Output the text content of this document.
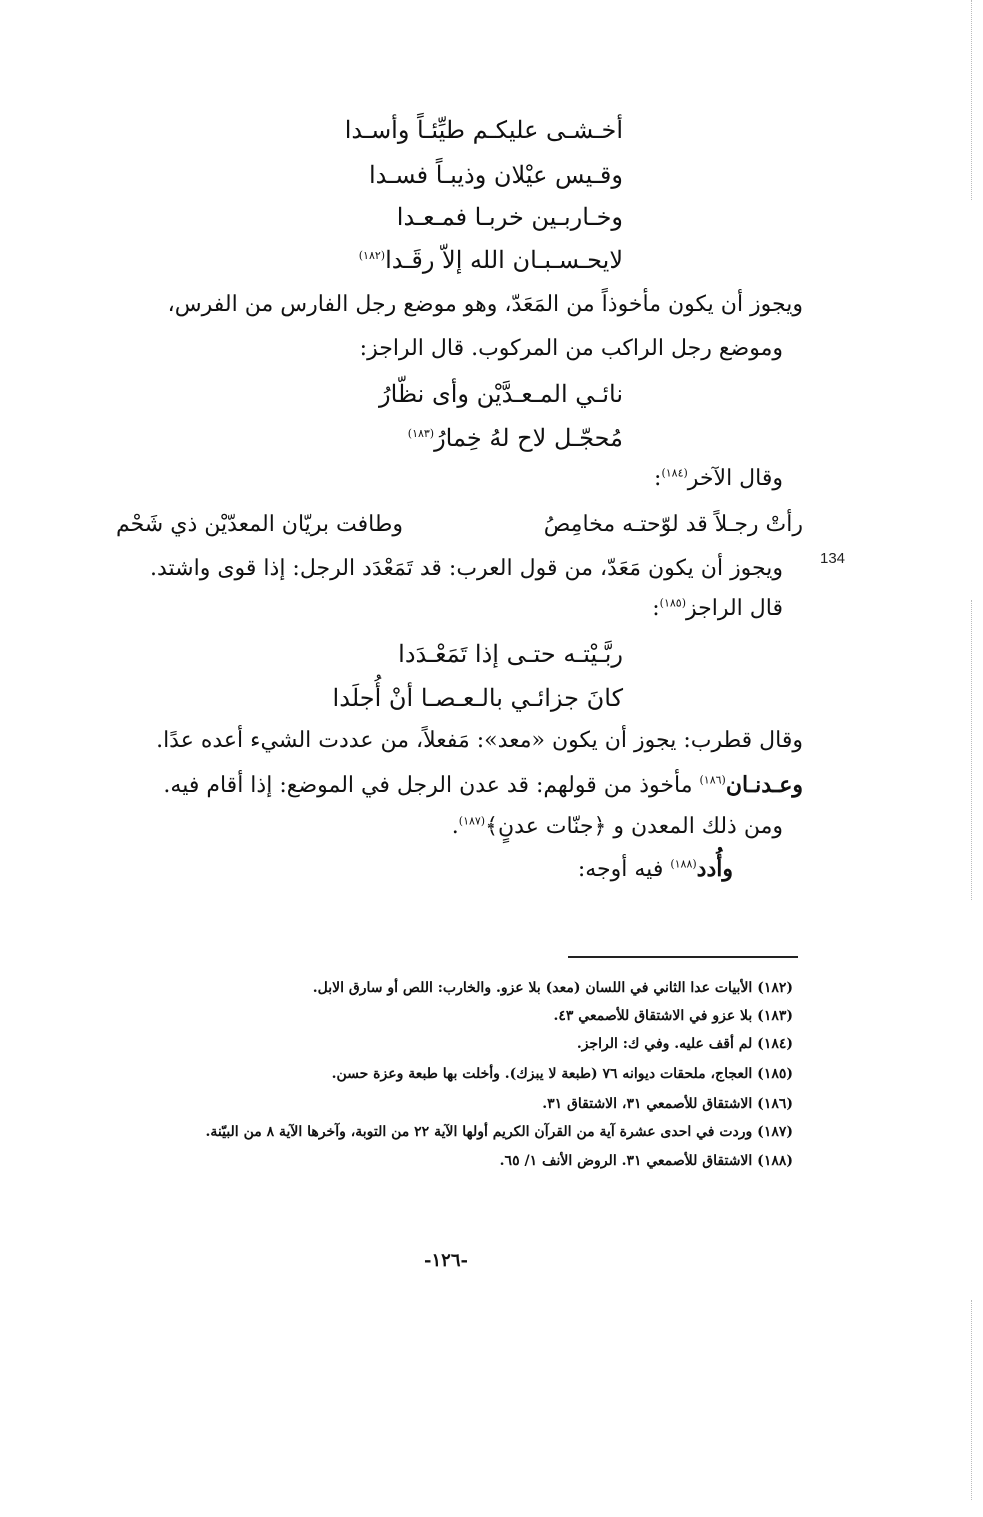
أخـشـى عليكـم طيِّئـاً وأسـدا
وقـيس عيْلان وذيبـاً فسـدا
وخـاربـين خربـا فمـعـدا
لايحـسـبـان الله إلاّ رقَـدا$^{(١٨٢)}$
ويجوز أن يكون مأخوذاً من المَعَدّ، وهو موضع رجل الفارس من الفرس،
وموضع رجل الراكب من المركوب. قال الراجز:
نائـي المـعـدَّيْن وأى نظّارُ
مُحجّـل لاح لهُ خِمارُ$^{(١٨٣)}$
وقال الآخر$^{(١٨٤)}$:
رأتْ رجـلاً قد لوّحتـه مخامِصُ
وطافت بريّان المعدّيْن ذي شَحْم
134
ويجوز أن يكون مَعَدّ، من قول العرب: قد تَمَعْدَد الرجل: إذا قوى واشتد.
قال الراجز$^{(١٨٥)}$:
ربَّـيْتـه حتـى إذا تَمَعْـدَدا
كانَ جزائـي بالـعـصـا أنْ أُجلَدا
وقال قطرب: يجوز أن يكون «معد»: مَفعلاً، من عددت الشيء أعده عدًا.
وعـدنـان$^{(١٨٦)}$ مأخوذ من قولهم: قد عدن الرجل في الموضع: إذا أقام فيه.
ومن ذلك المعدن و ﴿جنّات عدنٍ﴾$^{(١٨٧)}$.
وأُدد$^{(١٨٨)}$ فيه أوجه:
(١٨٢) الأبيات عدا الثاني في اللسان (معد) بلا عزو. والخارب: اللص أو سارق الابل.
(١٨٣) بلا عزو في الاشتقاق للأصمعي ٤٣.
(١٨٤) لم أقف عليه. وفي ك: الراجز.
(١٨٥) العجاج، ملحقات ديوانه ٧٦ (طبعة لا يبزك). وأخلت بها طبعة وعزة حسن.
(١٨٦) الاشتقاق للأصمعي ٣١، الاشتقاق ٣١.
(١٨٧) وردت في احدى عشرة آية من القرآن الكريم أولها الآية ٢٢ من التوبة، وآخرها الآية ٨ من البيّنة.
(١٨٨) الاشتقاق للأصمعي ٣١. الروض الأنف ١/ ٦٥.
-١٢٦-
